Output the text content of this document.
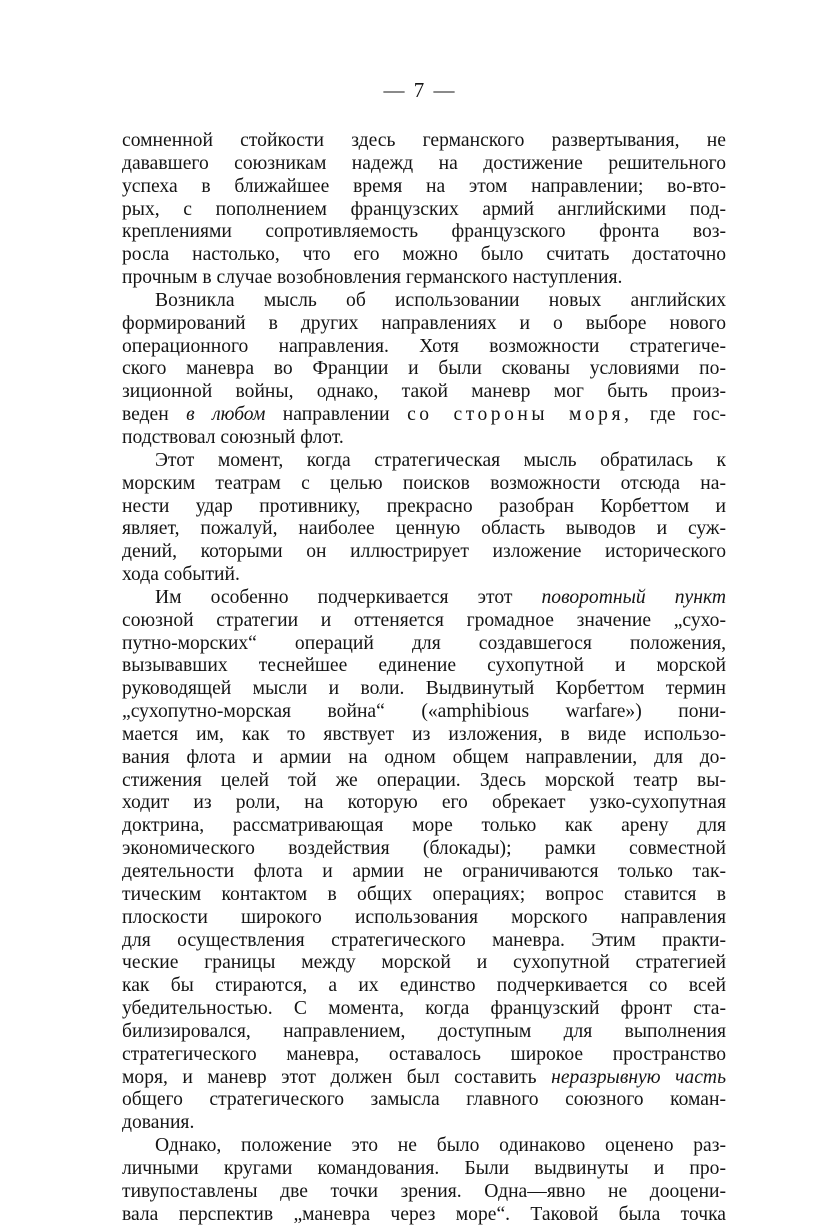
— 7 —
сомненной стойкости здесь германского развертывания, не
дававшего союзникам надежд на достижение решительного
успеха в ближайшее время на этом направлении; во-вто-
рых, с пополнением французских армий английскими под-
креплениями сопротивляемость французского фронта воз-
росла настолько, что его можно было считать достаточно
прочным в случае возобновления германского наступления.
Возникла мысль об использовании новых английских
формирований в других направлениях и о выборе нового
операционного направления. Хотя возможности стратегиче-
ского маневра во Франции и были скованы условиями по-
зиционной войны, однако, такой маневр мог быть произ-
веден в любом направлении со стороны моря, где гос-
подствовал союзный флот.
Этот момент, когда стратегическая мысль обратилась к
морским театрам с целью поисков возможности отсюда на-
нести удар противнику, прекрасно разобран Корбеттом и
являет, пожалуй, наиболее ценную область выводов и суж-
дений, которыми он иллюстрирует изложение исторического
хода событий.
Им особенно подчеркивается этот поворотный пункт
союзной стратегии и оттеняется громадное значение „сухо-
путно-морских“ операций для создавшегося положения,
вызывавших теснейшее единение сухопутной и морской
руководящей мысли и воли. Выдвинутый Корбеттом термин
„сухопутно-морская война“ («amphibious warfare») пони-
мается им, как то явствует из изложения, в виде использо-
вания флота и армии на одном общем направлении, для до-
стижения целей той же операции. Здесь морской театр вы-
ходит из роли, на которую его обрекает узко-сухопутная
доктрина, рассматривающая море только как арену для
экономического воздействия (блокады); рамки совместной
деятельности флота и армии не ограничиваются только так-
тическим контактом в общих операциях; вопрос ставится в
плоскости широкого использования морского направления
для осуществления стратегического маневра. Этим практи-
ческие границы между морской и сухопутной стратегией
как бы стираются, а их единство подчеркивается со всей
убедительностью. С момента, когда французский фронт ста-
билизировался, направлением, доступным для выполнения
стратегического маневра, оставалось широкое пространство
моря, и маневр этот должен был составить неразрывную часть
общего стратегического замысла главного союзного коман-
дования.
Однако, положение это не было одинаково оценено раз-
личными кругами командования. Были выдвинуты и про-
тивупоставлены две точки зрения. Одна—явно не дооцени-
вала перспектив „маневра через море“. Таковой была точка
